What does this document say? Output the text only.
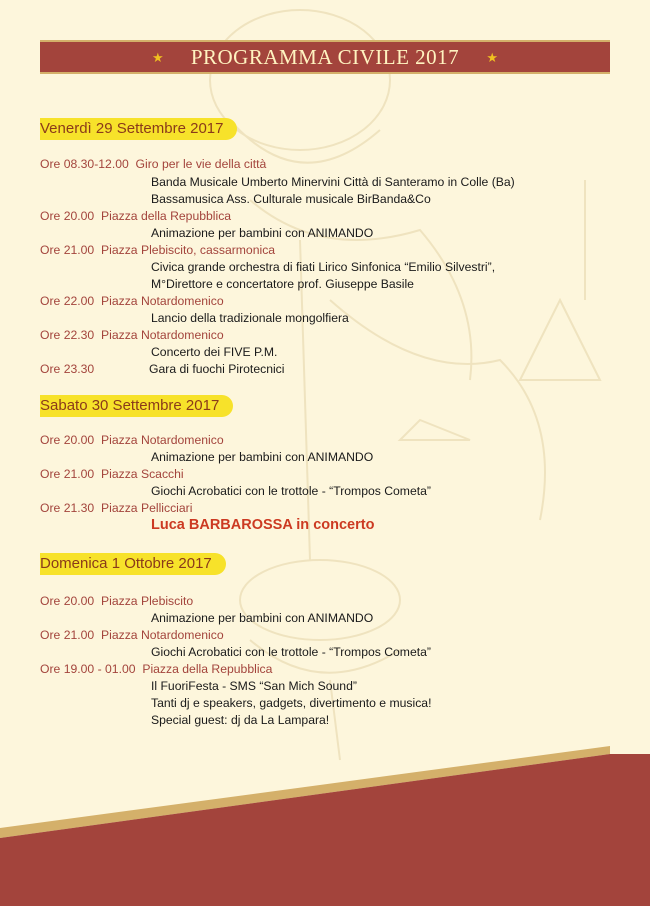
★ PROGRAMMA CIVILE 2017 ★
Venerdì 29 Settembre 2017
Ore 08.30-12.00 Giro per le vie della città
Banda Musicale Umberto Minervini Città di Santeramo in Colle (Ba)
Bassamusica Ass. Culturale musicale BirBanda&Co
Ore 20.00 Piazza della Repubblica
Animazione per bambini con ANIMANDO
Ore 21.00 Piazza Plebiscito, cassarmonica
Civica grande orchestra di fiati Lirico Sinfonica “Emilio Silvestri”,
M°Direttore e concertatore prof. Giuseppe Basile
Ore 22.00 Piazza Notardomenico
Lancio della tradizionale mongolfiera
Ore 22.30 Piazza Notardomenico
Concerto dei FIVE P.M.
Ore 23.30	Gara di fuochi Pirotecnici
Sabato 30 Settembre 2017
Ore 20.00 Piazza Notardomenico
Animazione per bambini con ANIMANDO
Ore 21.00 Piazza Scacchi
Giochi Acrobatici con le trottole - “Trompos Cometa”
Ore 21.30 Piazza Pellicciari
Luca BARBAROSSA in concerto
Domenica 1 Ottobre 2017
Ore 20.00 Piazza Plebiscito
Animazione per bambini con ANIMANDO
Ore 21.00 Piazza Notardomenico
Giochi Acrobatici con le trottole - “Trompos Cometa”
Ore 19.00 - 01.00 Piazza della Repubblica
Il FuoriFesta - SMS “San Mich Sound”
Tanti dj e speakers, gadgets, divertimento e musica!
Special guest: dj da La Lampara!
